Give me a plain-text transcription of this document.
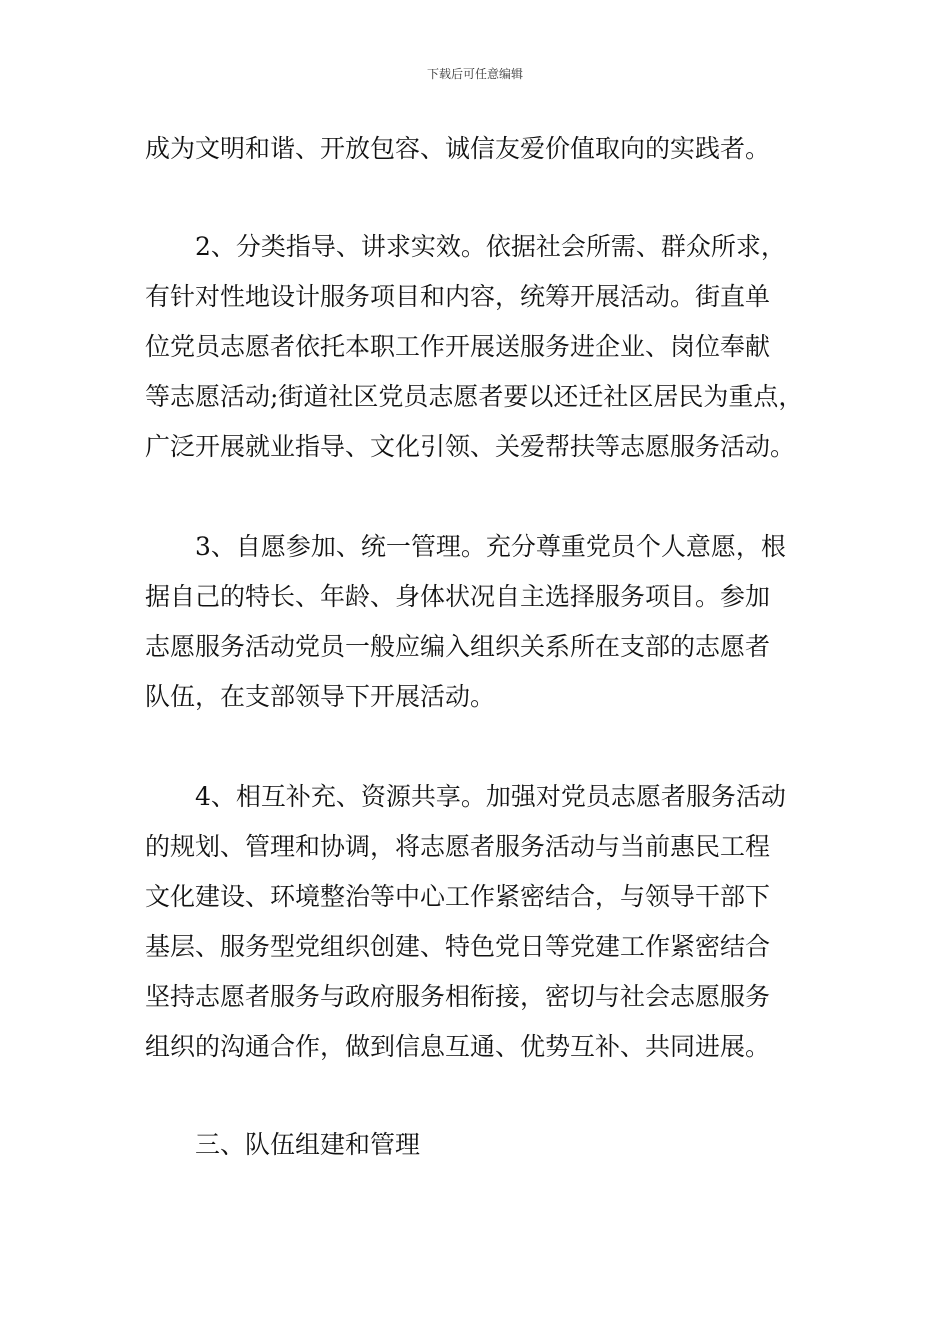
下载后可任意编辑
成为文明和谐、开放包容、诚信友爱价值取向的实践者。
2、分类指导、讲求实效。依据社会所需、群众所求，
有针对性地设计服务项目和内容，统筹开展活动。街直单
位党员志愿者依托本职工作开展送服务进企业、岗位奉献
等志愿活动;街道社区党员志愿者要以还迁社区居民为重点，
广泛开展就业指导、文化引领、关爱帮扶等志愿服务活动。
3、自愿参加、统一管理。充分尊重党员个人意愿，根
据自己的特长、年龄、身体状况自主选择服务项目。参加
志愿服务活动党员一般应编入组织关系所在支部的志愿者
队伍，在支部领导下开展活动。
4、相互补充、资源共享。加强对党员志愿者服务活动
的规划、管理和协调，将志愿者服务活动与当前惠民工程
文化建设、环境整治等中心工作紧密结合，与领导干部下
基层、服务型党组织创建、特色党日等党建工作紧密结合
坚持志愿者服务与政府服务相衔接，密切与社会志愿服务
组织的沟通合作，做到信息互通、优势互补、共同进展。
三、队伍组建和管理
